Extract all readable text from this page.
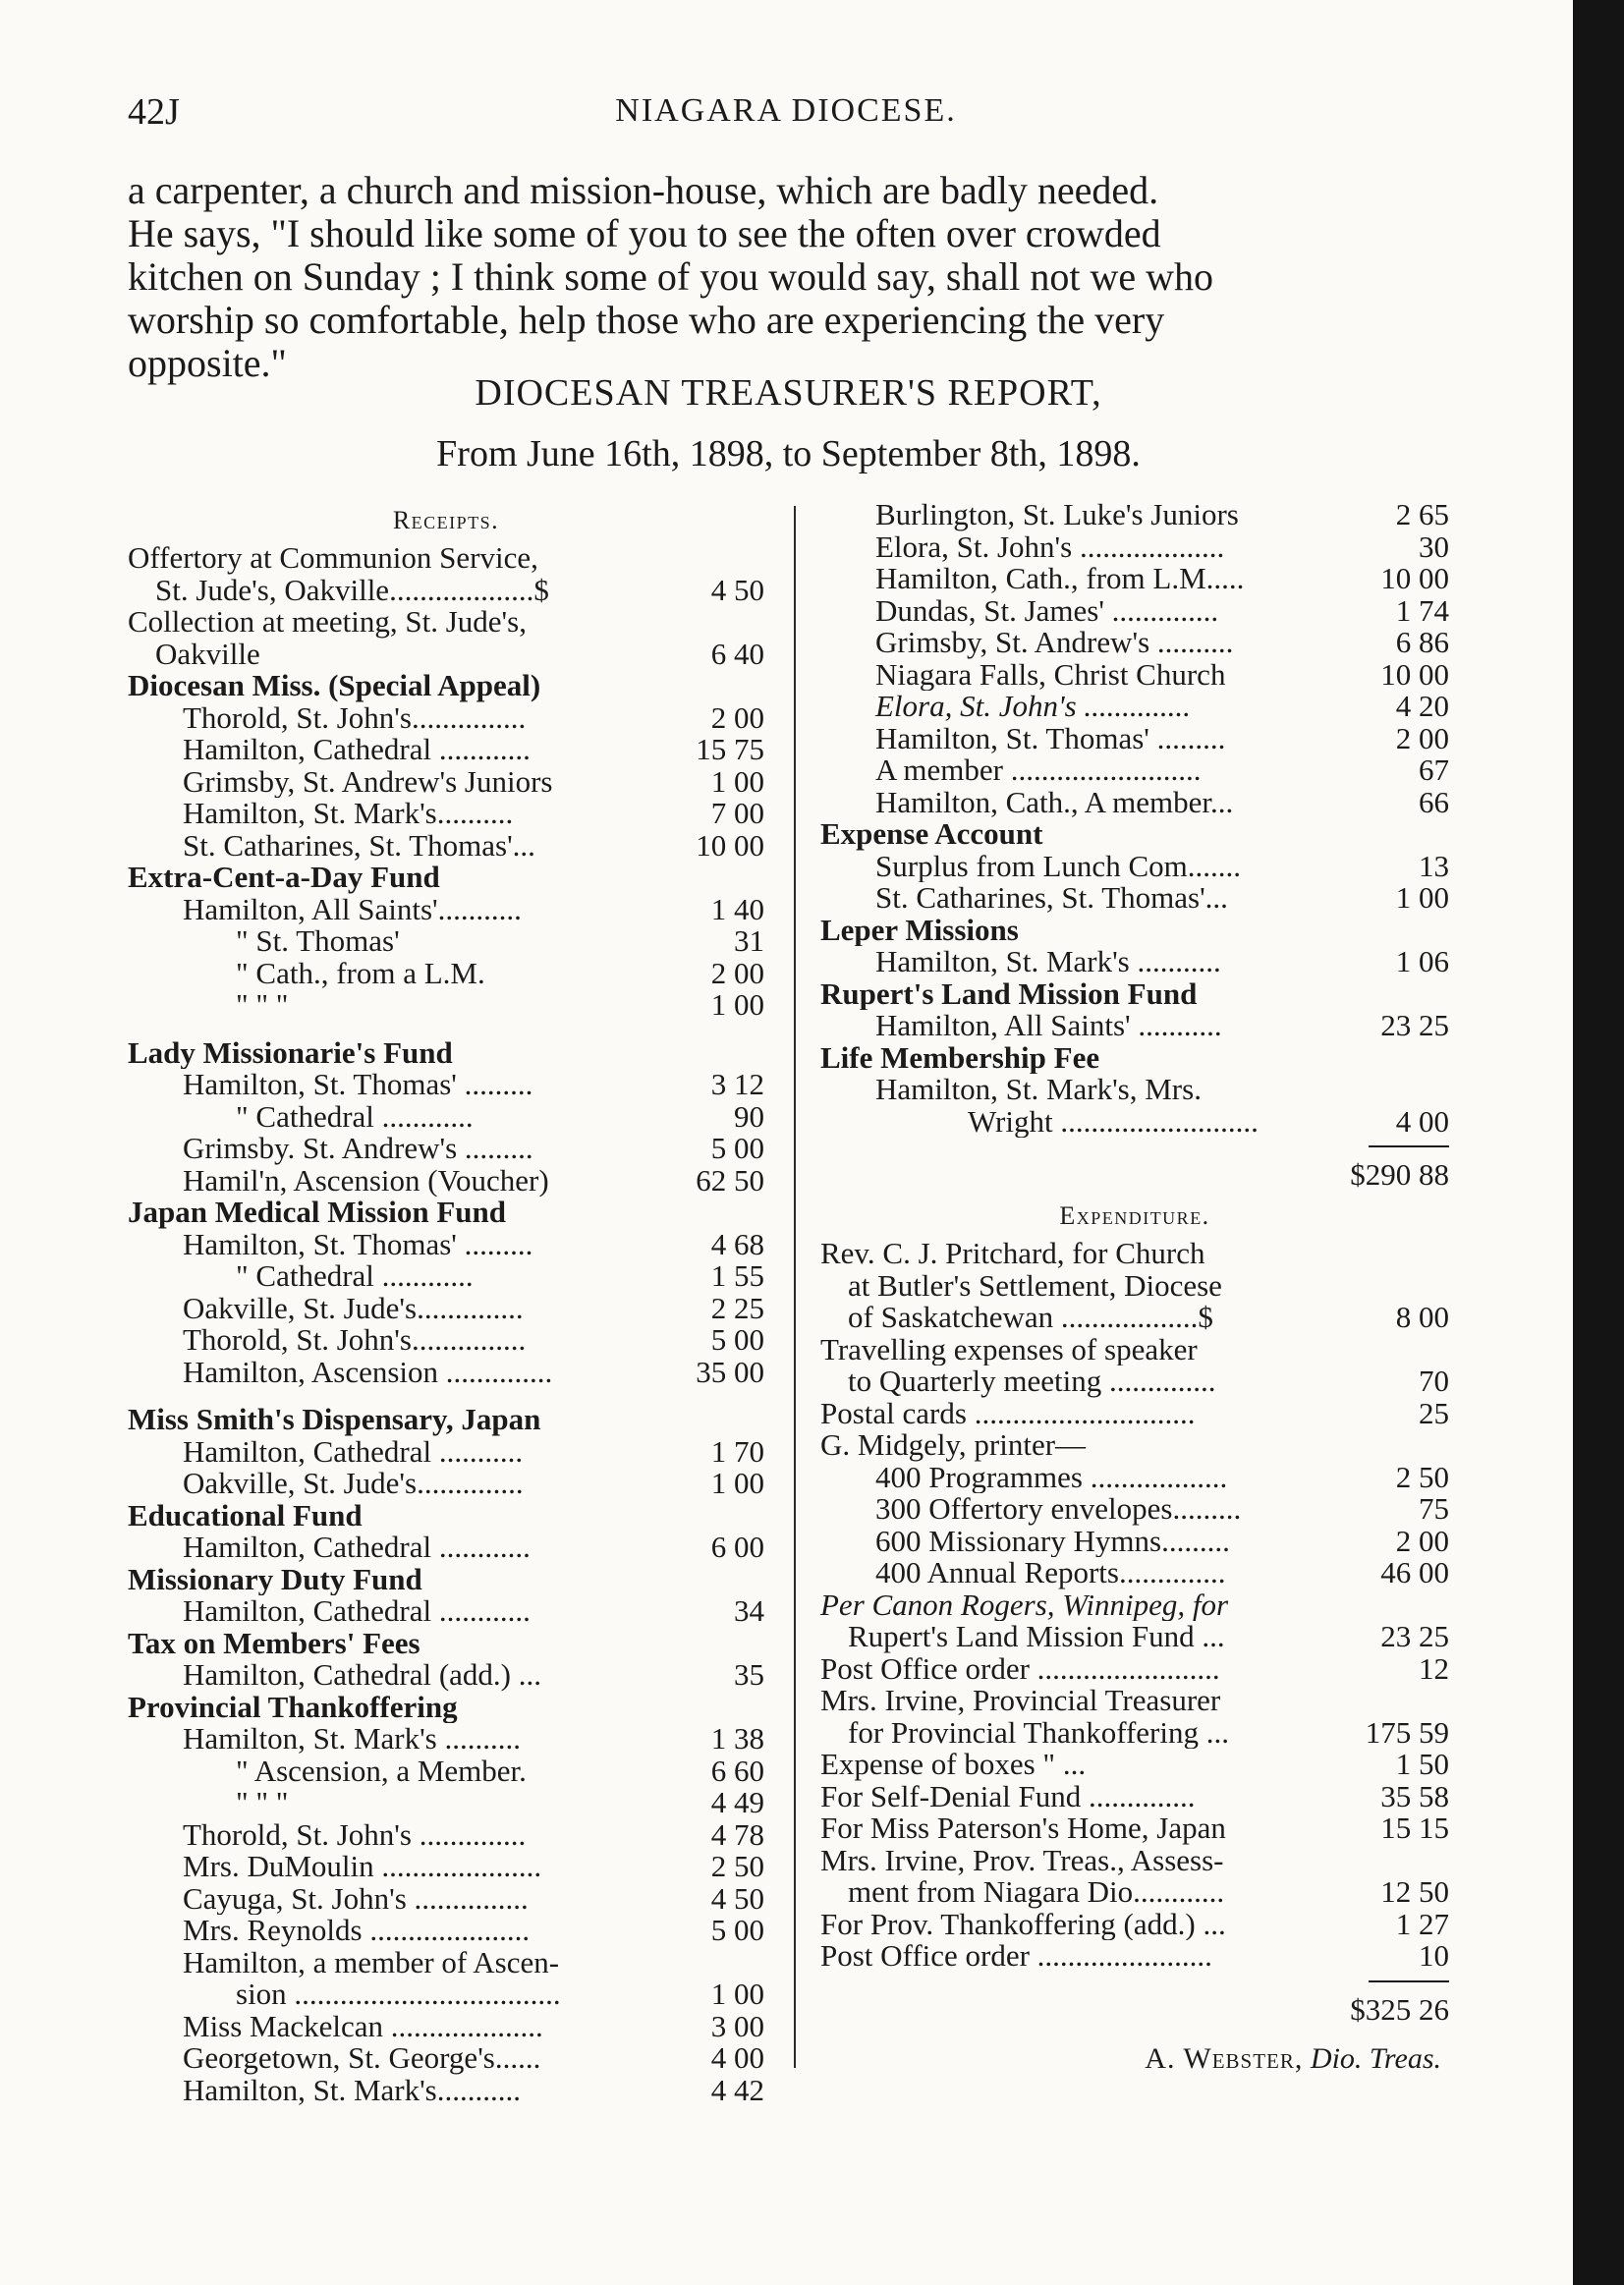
42J	NIAGARA DIOCESE.
a carpenter, a church and mission-house, which are badly needed.
He says, "I should like some of you to see the often over crowded
kitchen on Sunday ; I think some of you would say, shall not we who
worship so comfortable, help those who are experiencing the very
opposite."
DIOCESAN TREASURER'S REPORT,
From June 16th, 1898, to September 8th, 1898.
Receipts.
Offertory at Communion Service,
St. Jude's, Oakville...................$	4 50
Collection at meeting, St. Jude's,
Oakville	6 40
Diocesan Miss. (Special Appeal)
Thorold, St. John's...............	2 00
Hamilton, Cathedral ............	15 75
Grimsby, St. Andrew's Juniors	1 00
Hamilton, St. Mark's..........	7 00
St. Catharines, St. Thomas'...	10 00
Extra-Cent-a-Day Fund
Hamilton, All Saints'...........	1 40
" St. Thomas'	31
" Cath., from a L.M.	2 00
" " "	1 00
Lady Missionarie's Fund
Hamilton, St. Thomas' .........	3 12
" Cathedral ............	90
Grimsby. St. Andrew's .........	5 00
Hamil'n, Ascension (Voucher)	62 50
Japan Medical Mission Fund
Hamilton, St. Thomas' .........	4 68
" Cathedral ............	1 55
Oakville, St. Jude's..............	2 25
Thorold, St. John's...............	5 00
Hamilton, Ascension ..............	35 00
Miss Smith's Dispensary, Japan
Hamilton, Cathedral ...........	1 70
Oakville, St. Jude's..............	1 00
Educational Fund
Hamilton, Cathedral ............	6 00
Missionary Duty Fund
Hamilton, Cathedral ............	34
Tax on Members' Fees
Hamilton, Cathedral (add.) ...	35
Provincial Thankoffering
Hamilton, St. Mark's ..........	1 38
" Ascension, a Member.	6 60
" " "	4 49
Thorold, St. John's ..............	4 78
Mrs. DuMoulin .....................	2 50
Cayuga, St. John's ...............	4 50
Mrs. Reynolds .....................	5 00
Hamilton, a member of Ascen-
sion ...................................	1 00
Miss Mackelcan ....................	3 00
Georgetown, St. George's......	4 00
Hamilton, St. Mark's...........	4 42
Burlington, St. Luke's Juniors	2 65
Elora, St. John's ...................	30
Hamilton, Cath., from L.M.....	10 00
Dundas, St. James' ..............	1 74
Grimsby, St. Andrew's ..........	6 86
Niagara Falls, Christ Church	10 00
Elora, St. John's ..............	4 20
Hamilton, St. Thomas' .........	2 00
A member .........................	67
Hamilton, Cath., A member...	66
Expense Account
Surplus from Lunch Com.......	13
St. Catharines, St. Thomas'...	1 00
Leper Missions
Hamilton, St. Mark's ...........	1 06
Rupert's Land Mission Fund
Hamilton, All Saints' ...........	23 25
Life Membership Fee
Hamilton, St. Mark's, Mrs.
Wright ..........................	4 00
$290 88
Expenditure.
Rev. C. J. Pritchard, for Church
at Butler's Settlement, Diocese
of Saskatchewan ..................$	8 00
Travelling expenses of speaker
to Quarterly meeting ..............	70
Postal cards .............................	25
G. Midgely, printer—
400 Programmes ..................	2 50
300 Offertory envelopes.........	75
600 Missionary Hymns.........	2 00
400 Annual Reports..............	46 00
Per Canon Rogers, Winnipeg, for
Rupert's Land Mission Fund ...	23 25
Post Office order ........................	12
Mrs. Irvine, Provincial Treasurer
for Provincial Thankoffering ...	175 59
Expense of boxes " ...	1 50
For Self-Denial Fund ..............	35 58
For Miss Paterson's Home, Japan	15 15
Mrs. Irvine, Prov. Treas., Assess-
ment from Niagara Dio............	12 50
For Prov. Thankoffering (add.) ...	1 27
Post Office order .......................	10
$325 26
A. Webster, Dio. Treas.
